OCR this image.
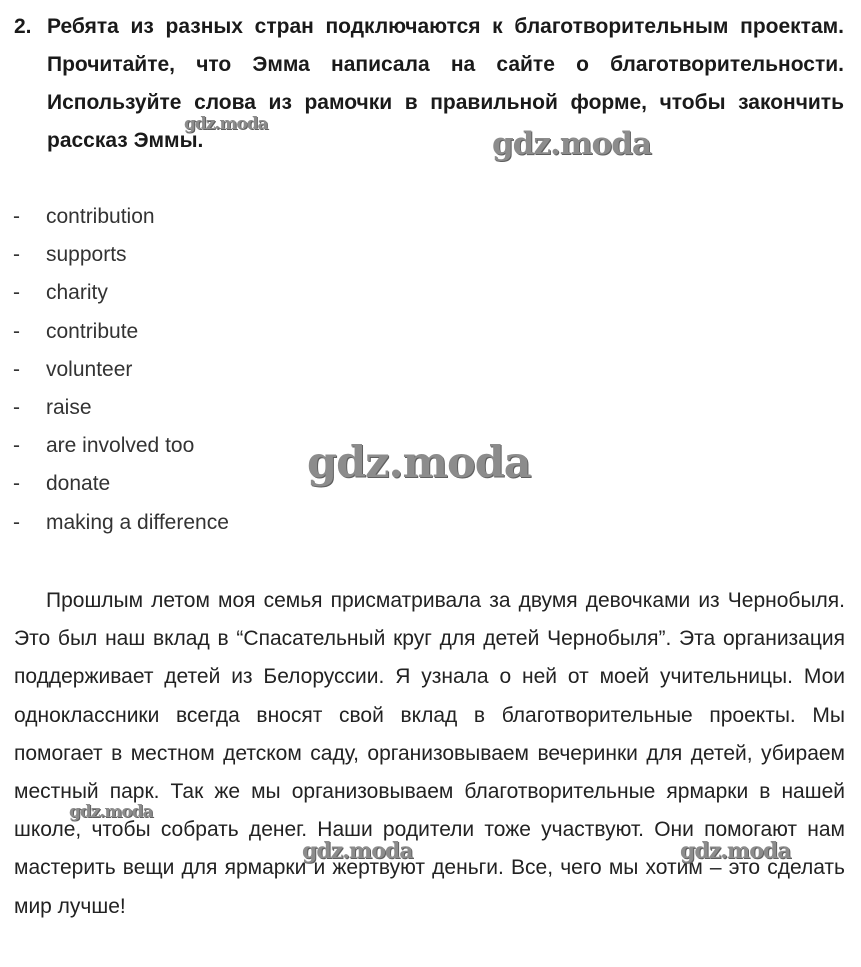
2. Ребята из разных стран подключаются к благотворительным проектам. Прочитайте, что Эмма написала на сайте о благотворительности. Используйте слова из рамочки в правильной форме, чтобы закончить рассказ Эммы.
- contribution
- supports
- charity
- contribute
- volunteer
- raise
- are involved too
- donate
- making a difference

Прошлым летом моя семья присматривала за двумя девочками из Чернобыля. Это был наш вклад в “Спасательный круг для детей Чернобыля”. Эта организация поддерживает детей из Белоруссии. Я узнала о ней от моей учительницы. Мои одноклассники всегда вносят свой вклад в благотворительные проекты. Мы помогает в местном детском саду, организовываем вечеринки для детей, убираем местный парк. Так же мы организовываем благотворительные ярмарки в нашей школе, чтобы собрать денег. Наши родители тоже участвуют. Они помогают нам мастерить вещи для ярмарки и жертвуют деньги. Все, чего мы хотим – это сделать мир лучше!

gdz.moda
gdz.moda
gdz.moda
gdz.moda
gdz.moda	gdz.moda
